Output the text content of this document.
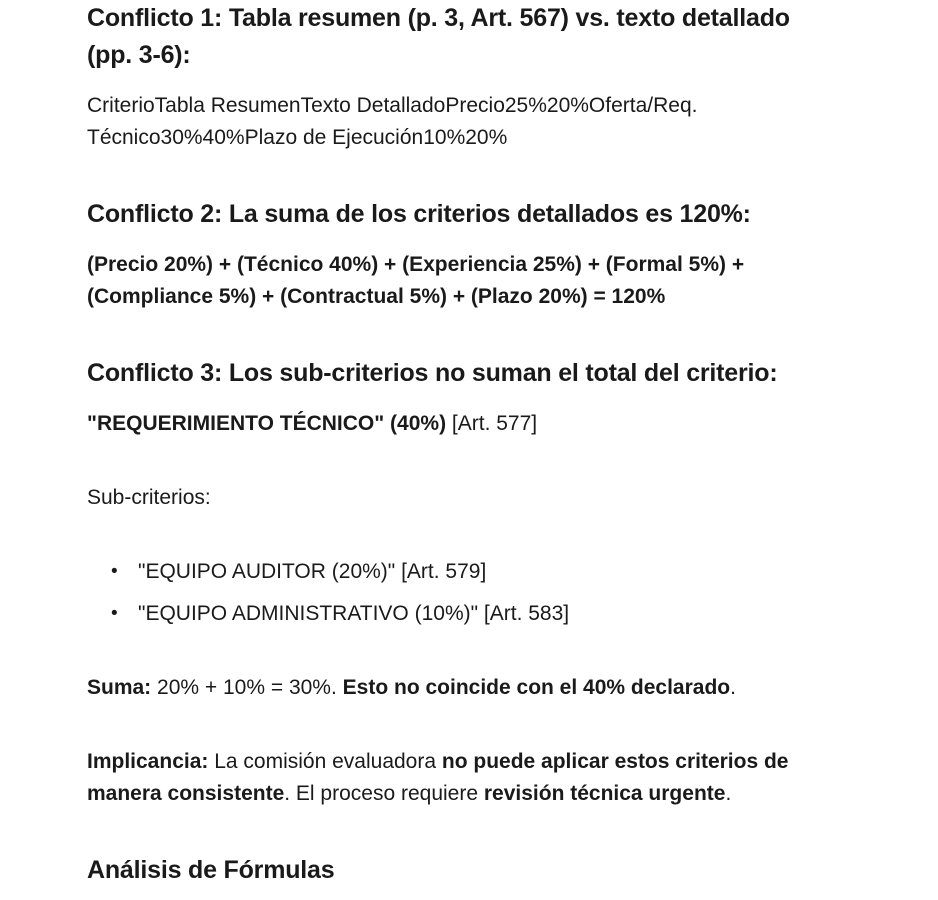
Conflicto 1: Tabla resumen (p. 3, Art. 567) vs. texto detallado (pp. 3-6):

CriterioTabla ResumenTexto DetalladoPrecio25%20%Oferta/Req. Técnico30%40%Plazo de Ejecución10%20%

Conflicto 2: La suma de los criterios detallados es 120%:

(Precio 20%) + (Técnico 40%) + (Experiencia 25%) + (Formal 5%) + (Compliance 5%) + (Contractual 5%) + (Plazo 20%) = 120%

Conflicto 3: Los sub-criterios no suman el total del criterio:

"REQUERIMIENTO TÉCNICO" (40%) [Art. 577]

Sub-criterios:

• "EQUIPO AUDITOR (20%)" [Art. 579]
• "EQUIPO ADMINISTRATIVO (10%)" [Art. 583]

Suma: 20% + 10% = 30%. Esto no coincide con el 40% declarado.

Implicancia: La comisión evaluadora no puede aplicar estos criterios de manera consistente. El proceso requiere revisión técnica urgente.

Análisis de Fórmulas
